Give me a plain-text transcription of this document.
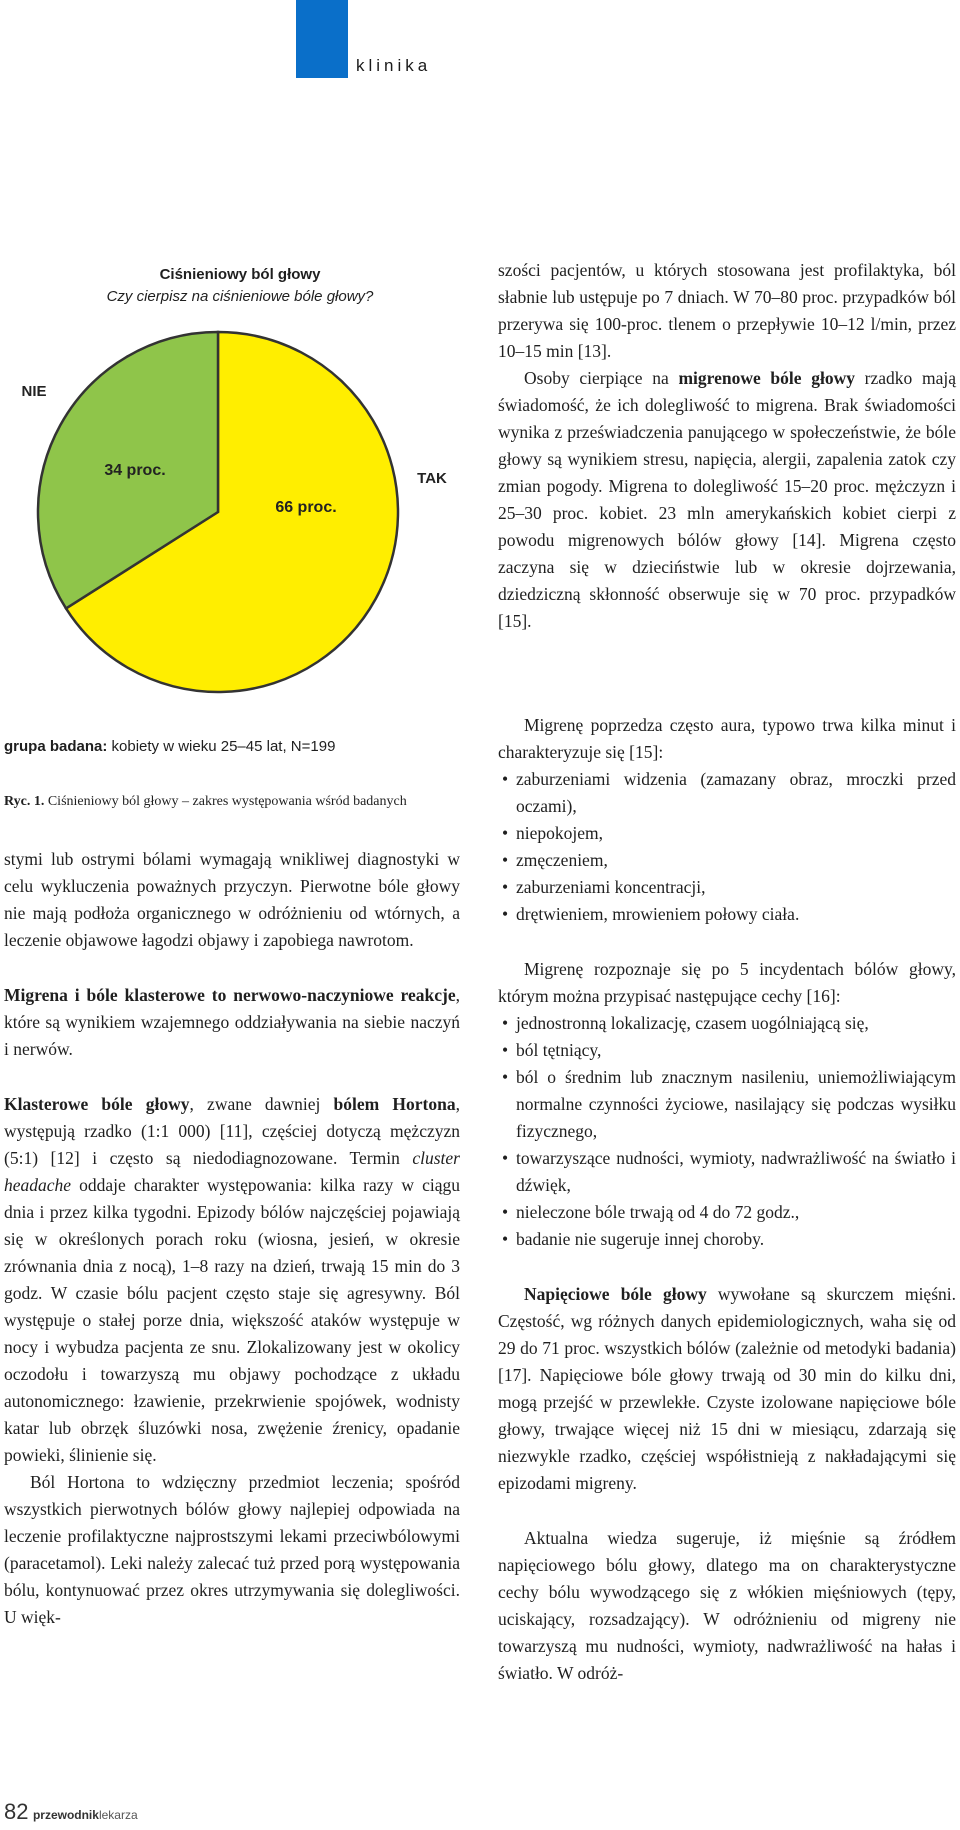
klinika
Ciśnieniowy ból głowy
Czy cierpisz na ciśnieniowe bóle głowy?
66 proc.
TAK
34 proc.
NIE
grupa badana: kobiety w wieku 25–45 lat, N=199
Ryc. 1. Ciśnieniowy ból głowy – zakres występowania wśród badanych

stymi lub ostrymi bólami wymagają wnikliwej diagnostyki w celu wykluczenia poważnych przyczyn. Pierwotne bóle głowy nie mają podłoża organicznego w odróżnieniu od wtórnych, a leczenie objawowe łagodzi objawy i zapobiega nawrotom.

Migrena i bóle klasterowe to nerwowo-naczyniowe reakcje, które są wynikiem wzajemnego oddziaływania na siebie naczyń i nerwów.

Klasterowe bóle głowy, zwane dawniej bólem Hortona, występują rzadko (1:1 000) [11], częściej dotyczą mężczyzn (5:1) [12] i często są niedodiagnozowane. Termin cluster headache oddaje charakter występowania: kilka razy w ciągu dnia i przez kilka tygodni. Epizody bólów najczęściej pojawiają się w określonych porach roku (wiosna, jesień, w okresie zrównania dnia z nocą), 1–8 razy na dzień, trwają 15 min do 3 godz. W czasie bólu pacjent często staje się agresywny. Ból występuje o stałej porze dnia, większość ataków występuje w nocy i wybudza pacjenta ze snu. Zlokalizowany jest w okolicy oczodołu i towarzyszą mu objawy pochodzące z układu autonomicznego: łzawienie, przekrwienie spojówek, wodnisty katar lub obrzęk śluzówki nosa, zwężenie źrenicy, opadanie powieki, ślinienie się.

Ból Hortona to wdzięczny przedmiot leczenia; spośród wszystkich pierwotnych bólów głowy najlepiej odpowiada na leczenie profilaktyczne najprostszymi lekami przeciwbólowymi (paracetamol). Leki należy zalecać tuż przed porą występowania bólu, kontynuować przez okres utrzymywania się dolegliwości. U więk-

szości pacjentów, u których stosowana jest profilaktyka, ból słabnie lub ustępuje po 7 dniach. W 70–80 proc. przypadków ból przerywa się 100-proc. tlenem o przepływie 10–12 l/min, przez 10–15 min [13].

Osoby cierpiące na migrenowe bóle głowy rzadko mają świadomość, że ich dolegliwość to migrena. Brak świadomości wynika z przeświadczenia panującego w społeczeństwie, że bóle głowy są wynikiem stresu, napięcia, alergii, zapalenia zatok czy zmian pogody. Migrena to dolegliwość 15–20 proc. mężczyzn i 25–30 proc. kobiet. 23 mln amerykańskich kobiet cierpi z powodu migrenowych bólów głowy [14]. Migrena często zaczyna się w dzieciństwie lub w okresie dojrzewania, dziedziczną skłonność obserwuje się w 70 proc. przypadków [15].

Migrenę poprzedza często aura, typowo trwa kilka minut i charakteryzuje się [15]:

• zaburzeniami widzenia (zamazany obraz, mroczki przed oczami),
• niepokojem,
• zmęczeniem,
• zaburzeniami koncentracji,
• drętwieniem, mrowieniem połowy ciała.

Migrenę rozpoznaje się po 5 incydentach bólów głowy, którym można przypisać następujące cechy [16]:

• jednostronną lokalizację, czasem uogólniającą się,
• ból tętniący,
• ból o średnim lub znacznym nasileniu, uniemożliwiającym normalne czynności życiowe, nasilający się podczas wysiłku fizycznego,
• towarzyszące nudności, wymioty, nadwrażliwość na światło i dźwięk,
• nieleczone bóle trwają od 4 do 72 godz.,
• badanie nie sugeruje innej choroby.

Napięciowe bóle głowy wywołane są skurczem mięśni. Częstość, wg różnych danych epidemiologicznych, waha się od 29 do 71 proc. wszystkich bólów (zależnie od metodyki badania) [17]. Napięciowe bóle głowy trwają od 30 min do kilku dni, mogą przejść w przewlekłe. Czyste izolowane napięciowe bóle głowy, trwające więcej niż 15 dni w miesiącu, zdarzają się niezwykle rzadko, częściej współistnieją z nakładającymi się epizodami migreny.

Aktualna wiedza sugeruje, iż mięśnie są źródłem napięciowego bólu głowy, dlatego ma on charakterystyczne cechy bólu wywodzącego się z włókien mięśniowych (tępy, uciskający, rozsadzający). W odróżnieniu od migreny nie towarzyszą mu nudności, wymioty, nadwrażliwość na hałas i światło. W odróż-

82 przewodniklekarza
